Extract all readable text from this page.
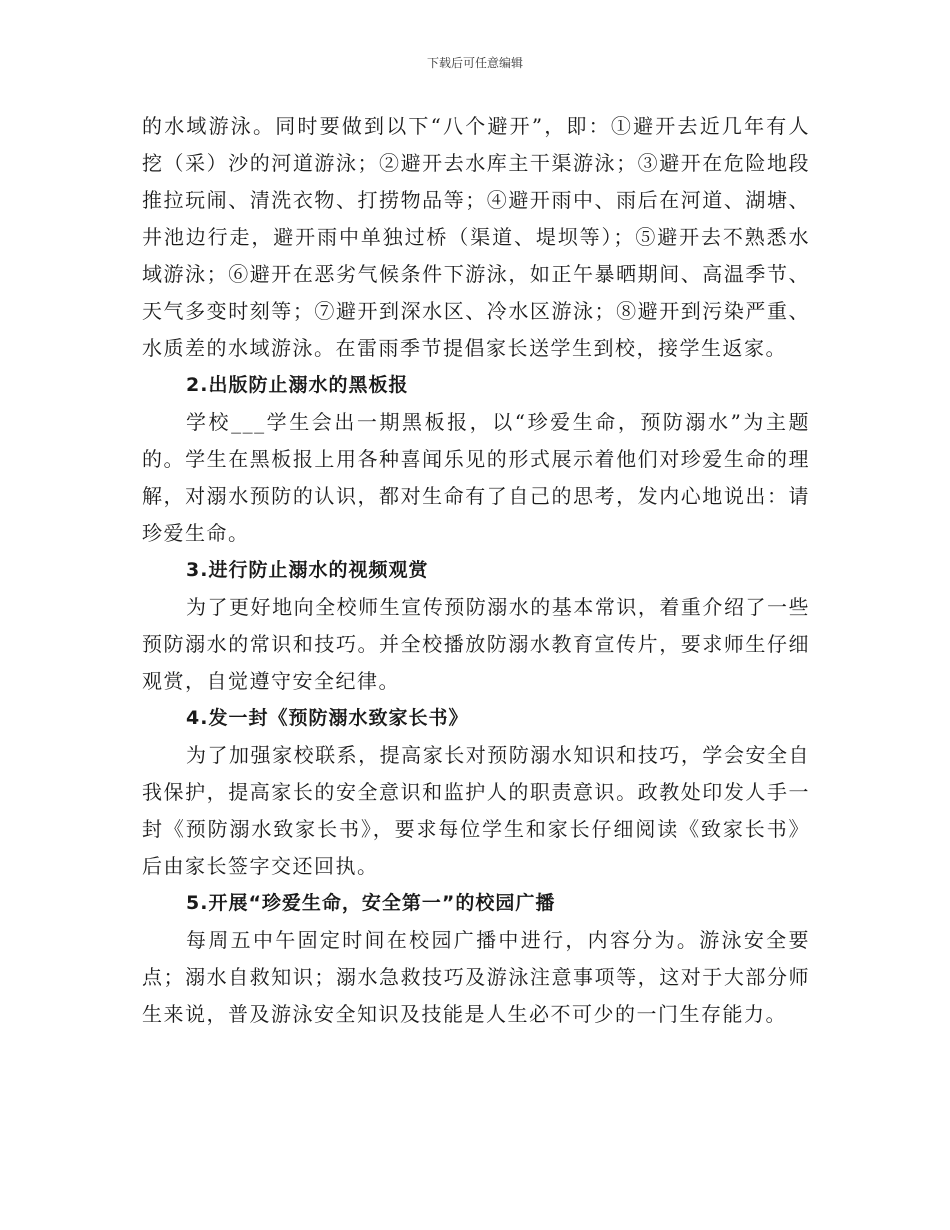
下载后可任意编辑

的水域游泳。同时要做到以下“八个避开”，即：①避开去近几年有人挖（采）沙的河道游泳；②避开去水库主干渠游泳；③避开在危险地段推拉玩闹、清洗衣物、打捞物品等；④避开雨中、雨后在河道、湖塘、井池边行走，避开雨中单独过桥（渠道、堤坝等）；⑤避开去不熟悉水域游泳；⑥避开在恶劣气候条件下游泳，如正午暴晒期间、高温季节、天气多变时刻等；⑦避开到深水区、冷水区游泳；⑧避开到污染严重、水质差的水域游泳。在雷雨季节提倡家长送学生到校，接学生返家。

2.出版防止溺水的黑板报

学校___学生会出一期黑板报，以“珍爱生命，预防溺水”为主题的。学生在黑板报上用各种喜闻乐见的形式展示着他们对珍爱生命的理解，对溺水预防的认识，都对生命有了自己的思考，发内心地说出：请珍爱生命。

3.进行防止溺水的视频观赏

为了更好地向全校师生宣传预防溺水的基本常识，着重介绍了一些预防溺水的常识和技巧。并全校播放防溺水教育宣传片，要求师生仔细观赏，自觉遵守安全纪律。

4.发一封《预防溺水致家长书》

为了加强家校联系，提高家长对预防溺水知识和技巧，学会安全自我保护，提高家长的安全意识和监护人的职责意识。政教处印发人手一封《预防溺水致家长书》，要求每位学生和家长仔细阅读《致家长书》后由家长签字交还回执。

5.开展“珍爱生命，安全第一”的校园广播

每周五中午固定时间在校园广播中进行，内容分为。游泳安全要点；溺水自救知识；溺水急救技巧及游泳注意事项等，这对于大部分师生来说，普及游泳安全知识及技能是人生必不可少的一门生存能力。
